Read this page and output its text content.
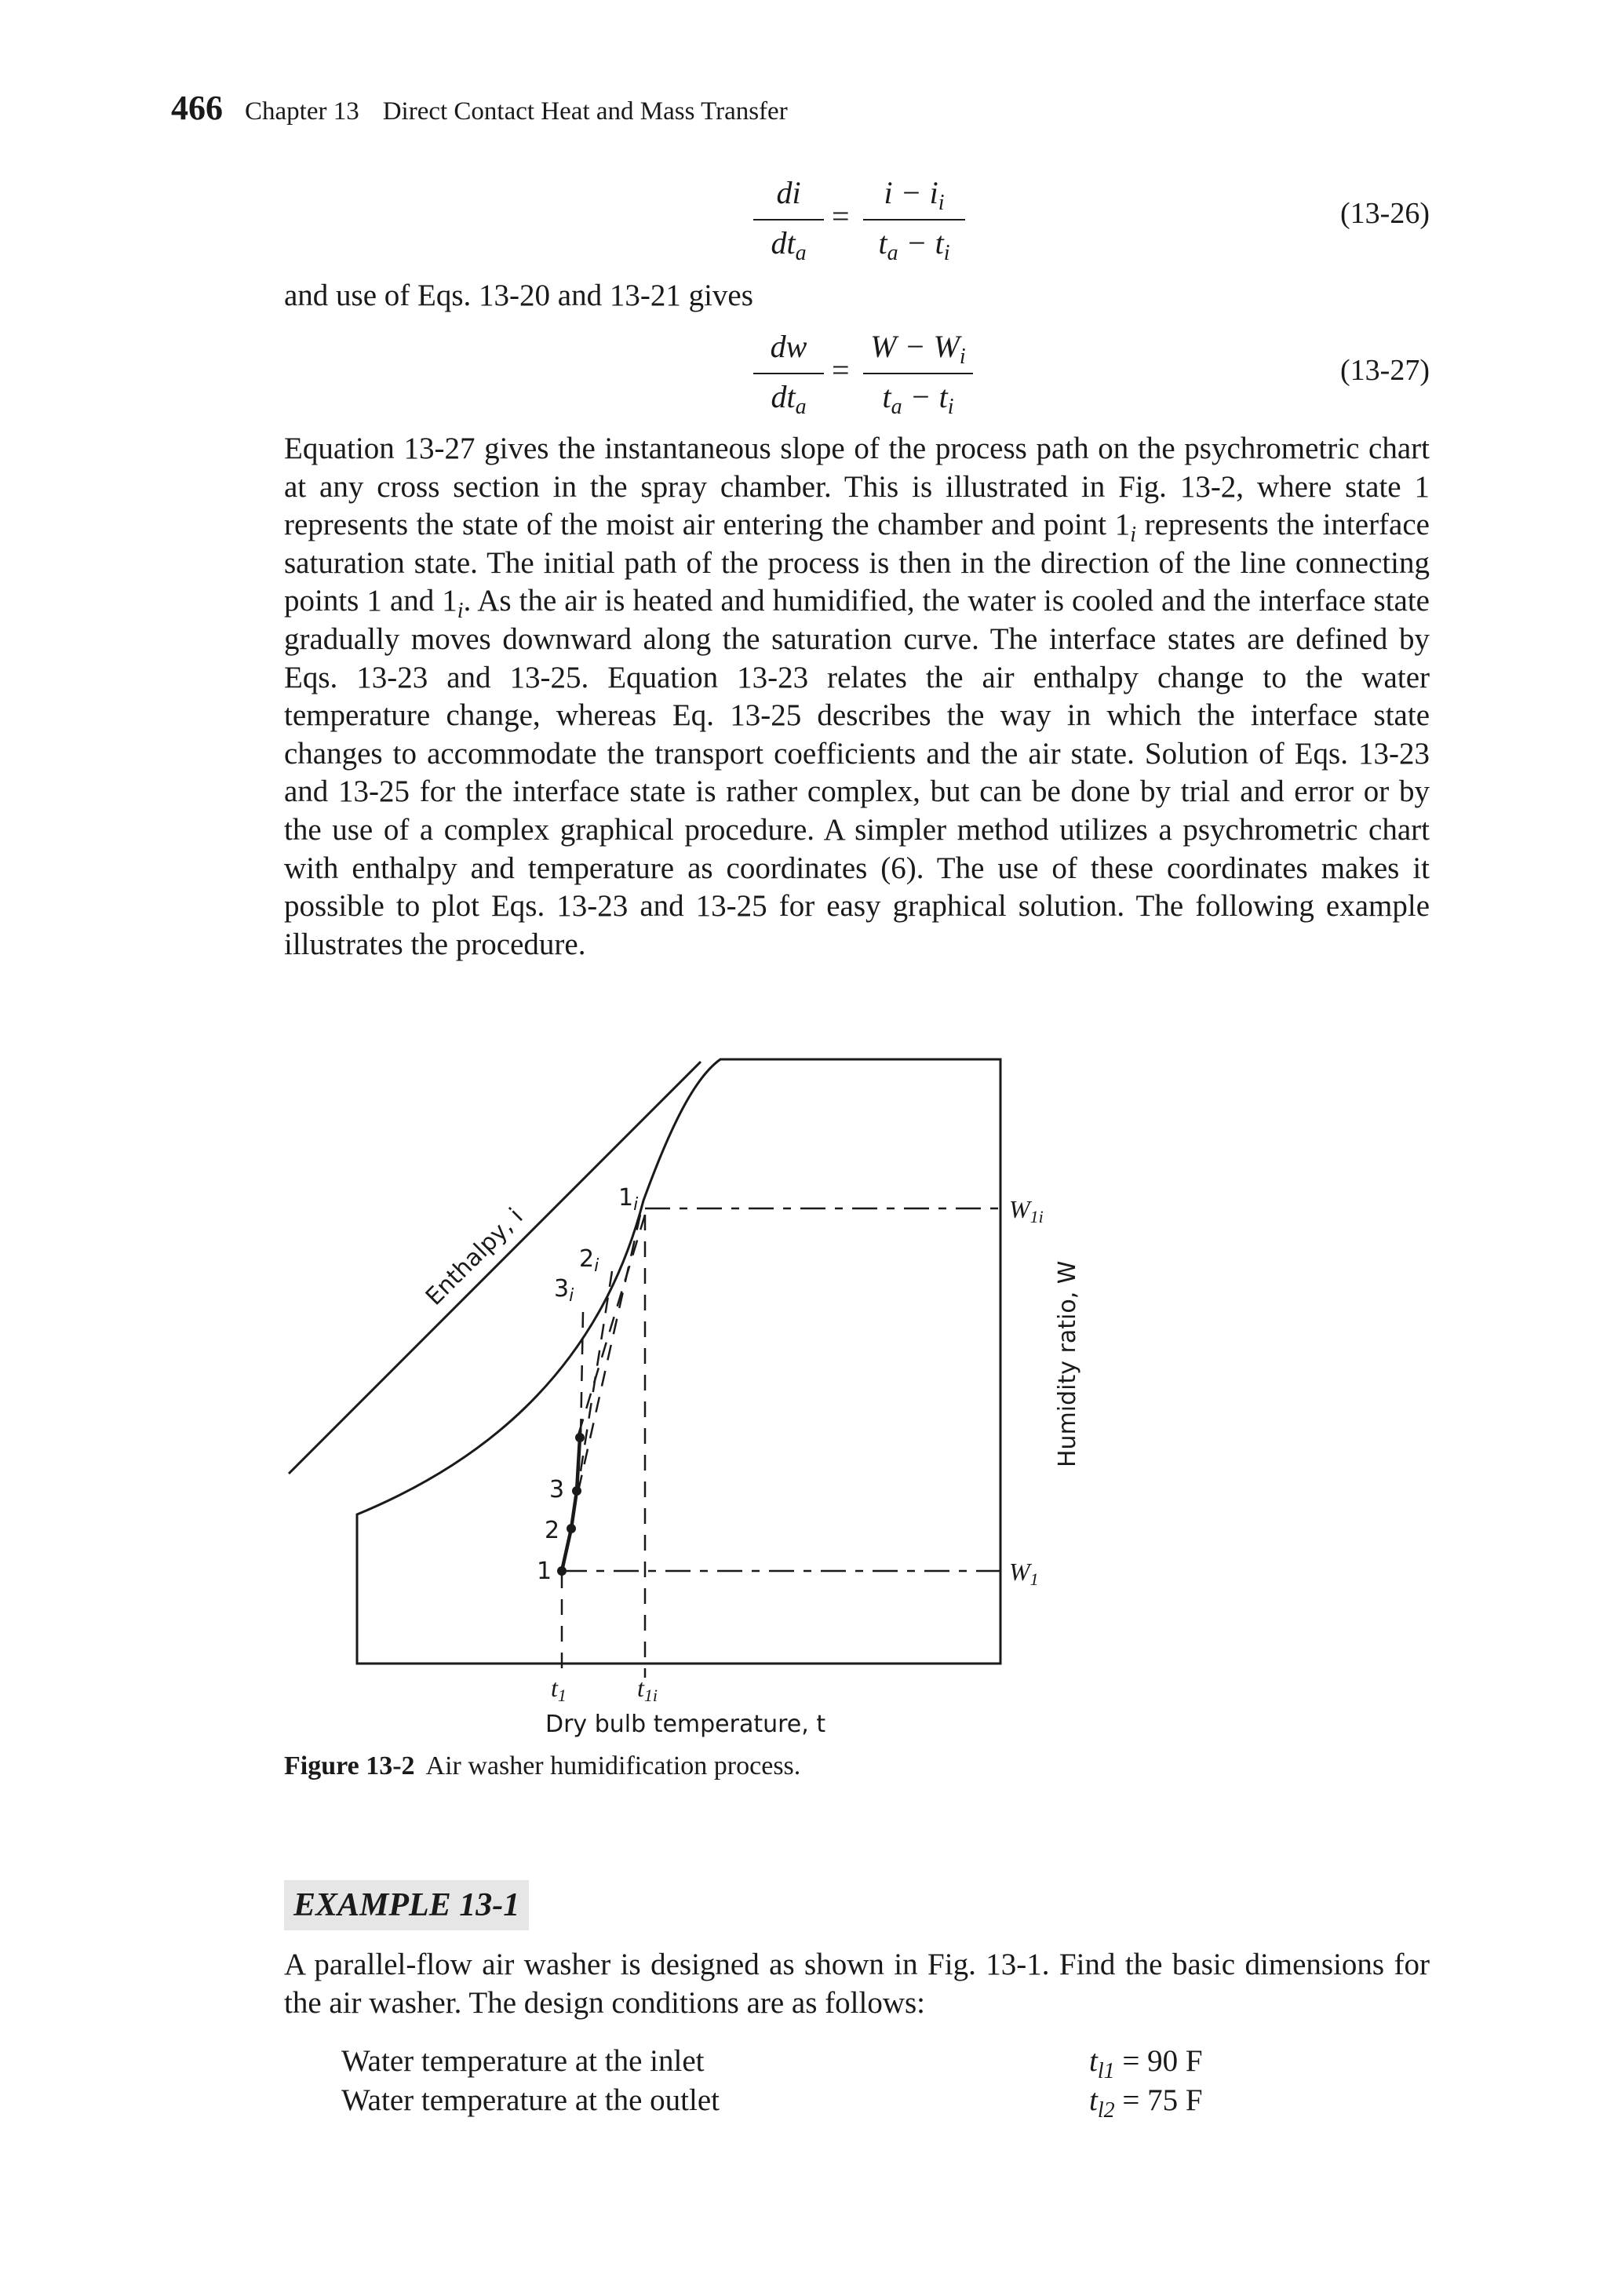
466 Chapter 13 Direct Contact Heat and Mass Transfer
di
$dt_a$
=
$i - i_i$
$t_a - t_i$
(13-26)
and use of Eqs. 13-20 and 13-21 gives
dw
$dt_a$
=
$W - W_i$
$t_a - t_i$
(13-27)

Equation 13-27 gives the instantaneous slope of the process path on the psychrometric chart at any cross section in the spray chamber. This is illustrated in Fig. 13-2, where state 1 represents the state of the moist air entering the chamber and point $1_i$ represents the interface saturation state. The initial path of the process is then in the direction of the line connecting points 1 and $1_i$. As the air is heated and humidified, the water is cooled and the interface state gradually moves downward along the saturation curve. The interface states are defined by Eqs. 13-23 and 13-25. Equation 13-23 relates the air enthalpy change to the water temperature change, whereas Eq. 13-25 describes the way in which the interface state changes to accommodate the transport coefficients and the air state. Solution of Eqs. 13-23 and 13-25 for the interface state is rather complex, but can be done by trial and error or by the use of a complex graphical procedure. A simpler method utilizes a psychrometric chart with enthalpy and temperature as coordinates (6). The use of these coordinates makes it possible to plot Eqs. 13-23 and 13-25 for easy graphical solution. The following example illustrates the procedure.

Enthalpy, i
Humidity ratio, W
Dry bulb temperature, t
1
2
3
$1_i$
$2_i$
$3_i$
W1i
W1
t1	t1i
Figure 13-2 Air washer humidification process.
EXAMPLE 13-1

A parallel-flow air washer is designed as shown in Fig. 13-1. Find the basic dimensions for the air washer. The design conditions are as follows:

Water temperature at the inlet	$t_{l1} = 90$ F
Water temperature at the outlet	$t_{l2} = 75$ F
